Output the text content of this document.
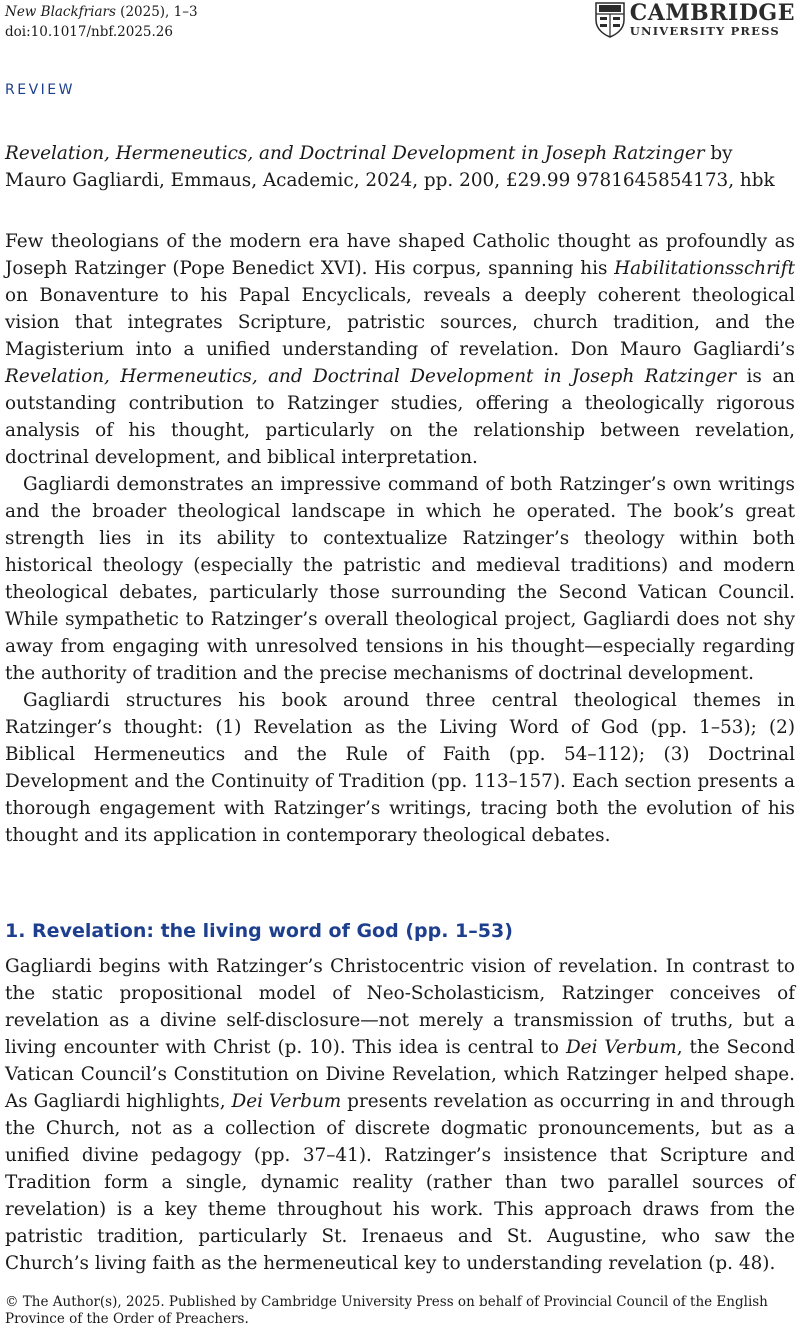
New Blackfriars (2025), 1–3
doi:10.1017/nbf.2025.26
CAMBRIDGE
UNIVERSITY PRESS
REVIEW
Revelation, Hermeneutics, and Doctrinal Development in Joseph Ratzinger by Mauro Gagliardi, Emmaus, Academic, 2024, pp. 200, £29.99 9781645854173, hbk

Few theologians of the modern era have shaped Catholic thought as profoundly as Joseph Ratzinger (Pope Benedict XVI). His corpus, spanning his Habilitationsschrift on Bonaventure to his Papal Encyclicals, reveals a deeply coherent theological vision that integrates Scripture, patristic sources, church tradition, and the Magisterium into a unified understanding of revelation. Don Mauro Gagliardi’s Revelation, Hermeneutics, and Doctrinal Development in Joseph Ratzinger is an outstanding contribution to Ratzinger studies, offering a theologically rigorous analysis of his thought, particularly on the relationship between revelation, doctrinal development, and biblical interpretation.

Gagliardi demonstrates an impressive command of both Ratzinger’s own writings and the broader theological landscape in which he operated. The book’s great strength lies in its ability to contextualize Ratzinger’s theology within both historical theology (especially the patristic and medieval traditions) and modern theological debates, particularly those surrounding the Second Vatican Council. While sympathetic to Ratzinger’s overall theological project, Gagliardi does not shy away from engaging with unresolved tensions in his thought—especially regarding the authority of tradition and the precise mechanisms of doctrinal development.

Gagliardi structures his book around three central theological themes in Ratzinger’s thought: (1) Revelation as the Living Word of God (pp. 1–53); (2) Biblical Hermeneutics and the Rule of Faith (pp. 54–112); (3) Doctrinal Development and the Continuity of Tradition (pp. 113–157). Each section presents a thorough engagement with Ratzinger’s writings, tracing both the evolution of his thought and its application in contemporary theological debates.

1. Revelation: the living word of God (pp. 1–53)

Gagliardi begins with Ratzinger’s Christocentric vision of revelation. In contrast to the static propositional model of Neo-Scholasticism, Ratzinger conceives of revelation as a divine self-disclosure—not merely a transmission of truths, but a living encounter with Christ (p. 10). This idea is central to Dei Verbum, the Second Vatican Council’s Constitution on Divine Revelation, which Ratzinger helped shape. As Gagliardi highlights, Dei Verbum presents revelation as occurring in and through the Church, not as a collection of discrete dogmatic pronouncements, but as a unified divine pedagogy (pp. 37–41). Ratzinger’s insistence that Scripture and Tradition form a single, dynamic reality (rather than two parallel sources of revelation) is a key theme throughout his work. This approach draws from the patristic tradition, particularly St. Irenaeus and St. Augustine, who saw the Church’s living faith as the hermeneutical key to understanding revelation (p. 48).

© The Author(s), 2025. Published by Cambridge University Press on behalf of Provincial Council of the English Province of the Order of Preachers.
